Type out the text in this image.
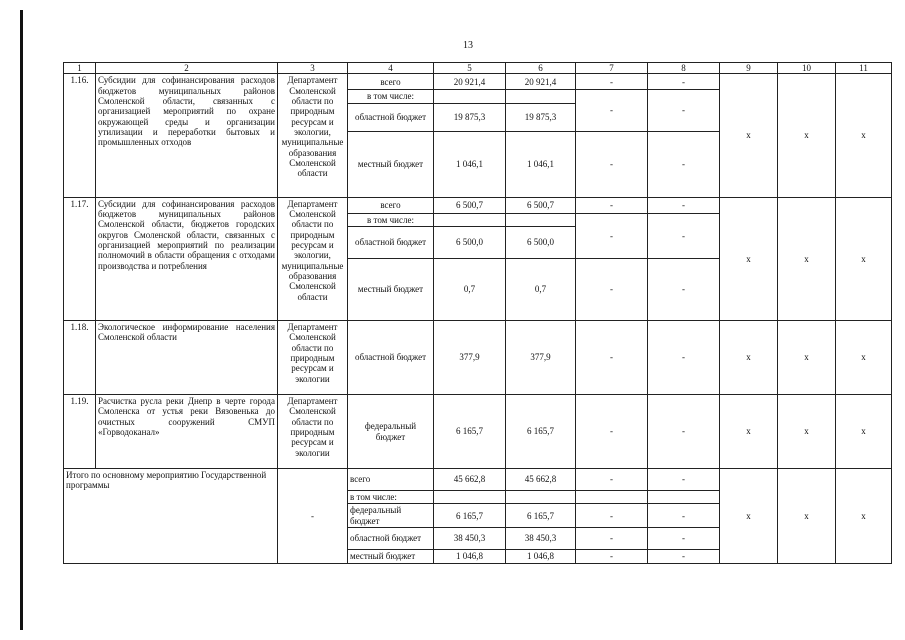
13
1	2	3	4	5	6	7	8	9	10	11
1.16.	Субсидии для софинансирования расходов бюджетов муниципальных районов Смоленской области, связанных с организацией мероприятий по охране окружающей среды и организации утилизации и переработки бытовых и промышленных отходов	Департамент Смоленской области по природным ресурсам и экологии, муниципальные образования Смоленской области	всего	20 921,4	20 921,4	-	-	x	x	x
			в том числе:			-	-			
			областной бюджет	19 875,3	19 875,3					
			местный бюджет	1 046,1	1 046,1	-	-			
1.17.	Субсидии для софинансирования расходов бюджетов муниципальных районов Смоленской области, бюджетов городских округов Смоленской области, связанных с организацией мероприятий по реализации полномочий в области обращения с отходами производства и потребления	Департамент Смоленской области по природным ресурсам и экологии, муниципальные образования Смоленской области	всего	6 500,7	6 500,7	-	-	x	x	x
			в том числе:			-	-			
			областной бюджет	6 500,0	6 500,0					
			местный бюджет	0,7	0,7	-	-			
1.18.	Экологическое информирование населения Смоленской области	Департамент Смоленской области по природным ресурсам и экологии	областной бюджет	377,9	377,9	-	-	x	x	x
1.19.	Расчистка русла реки Днепр в черте города Смоленска от устья реки Вязовенька до очистных сооружений СМУП «Горводоканал»	Департамент Смоленской области по природным ресурсам и экологии	федеральный бюджет	6 165,7	6 165,7	-	-	x	x	x
Итого по основному мероприятию Государственной программы		-	всего	45 662,8	45 662,8	-	-	x	x	x
			в том числе:							
			федеральный бюджет	6 165,7	6 165,7	-	-			
			областной бюджет	38 450,3	38 450,3	-	-			
			местный бюджет	1 046,8	1 046,8	-	-			
